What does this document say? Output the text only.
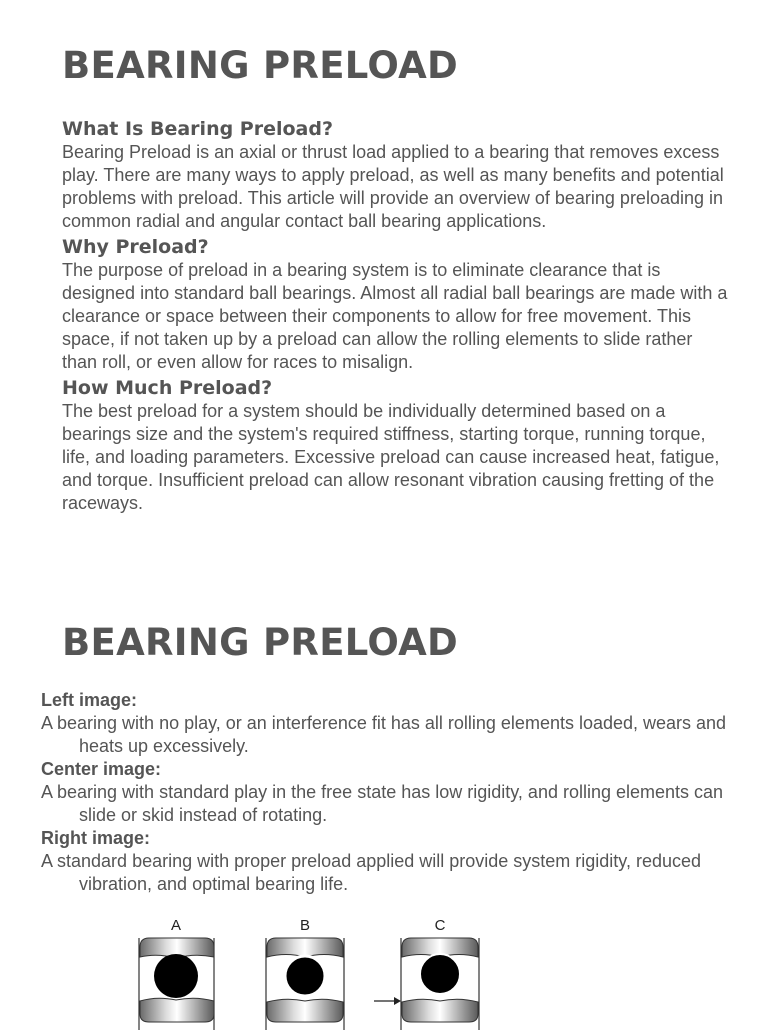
BEARING PRELOAD
What Is Bearing Preload?

Bearing Preload is an axial or thrust load applied to a bearing that removes excess play. There are many ways to apply preload, as well as many benefits and potential problems with preload. This article will provide an overview of bearing preloading in common radial and angular contact ball bearing applications.

Why Preload?

The purpose of preload in a bearing system is to eliminate clearance that is designed into standard ball bearings. Almost all radial ball bearings are made with a clearance or space between their components to allow for free movement. This space, if not taken up by a preload can allow the rolling elements to slide rather than roll, or even allow for races to misalign.

How Much Preload?

The best preload for a system should be individually determined based on a bearings size and the system's required stiffness, starting torque, running torque, life, and loading parameters. Excessive preload can cause increased heat, fatigue, and torque. Insufficient preload can allow resonant vibration causing fretting of the raceways.

BEARING PRELOAD

Left image:

A bearing with no play, or an interference fit has all rolling elements loaded, wears and heats up excessively.

Center image:

A bearing with standard play in the free state has low rigidity, and rolling elements can slide or skid instead of rotating.

Right image:

A standard bearing with proper preload applied will provide system rigidity, reduced vibration, and optimal bearing life.

A	B	C
